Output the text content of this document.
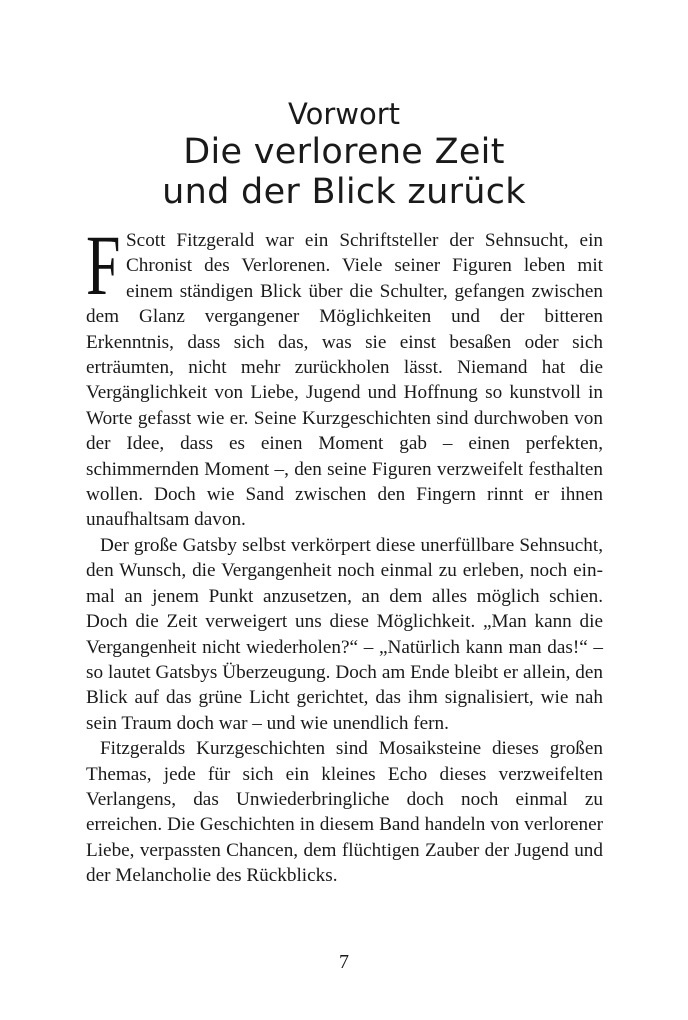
Vorwort
Die verlorene Zeit
und der Blick zurück

F Scott Fitzgerald war ein Schriftsteller der Sehnsucht, ein Chronist des Verlorenen. Viele seiner Figuren leben mit einem ständigen Blick über die Schulter, gefangen zwischen dem Glanz vergangener Möglichkeiten und der bitteren Erkenntnis, dass sich das, was sie einst besaßen oder sich erträumten, nicht mehr zurückholen lässt. Niemand hat die Vergänglichkeit von Liebe, Jugend und Hoffnung so kunstvoll in Worte gefasst wie er. Seine Kurzgeschichten sind durchwoben von der Idee, dass es einen Moment gab – einen perfekten, schimmernden Moment –, den seine Figuren verzweifelt festhalten wollen. Doch wie Sand zwischen den Fingern rinnt er ihnen unaufhaltsam davon.

Der große Gatsby selbst verkörpert diese unerfüllbare Sehnsucht, den Wunsch, die Vergangenheit noch einmal zu erleben, noch einmal an jenem Punkt anzusetzen, an dem alles möglich schien. Doch die Zeit verweigert uns diese Möglichkeit. „Man kann die Vergangenheit nicht wiederholen?“ – „Natürlich kann man das!“ – so lautet Gatsbys Überzeugung. Doch am Ende bleibt er allein, den Blick auf das grüne Licht gerichtet, das ihm signalisiert, wie nah sein Traum doch war – und wie unendlich fern.

Fitzgeralds Kurzgeschichten sind Mosaiksteine dieses großen Themas, jede für sich ein kleines Echo dieses verzweifelten Verlangens, das Unwiederbringliche doch noch einmal zu erreichen. Die Geschichten in diesem Band handeln von verlorener Liebe, verpassten Chancen, dem flüchtigen Zauber der Jugend und der Melancholie des Rückblicks.

7
